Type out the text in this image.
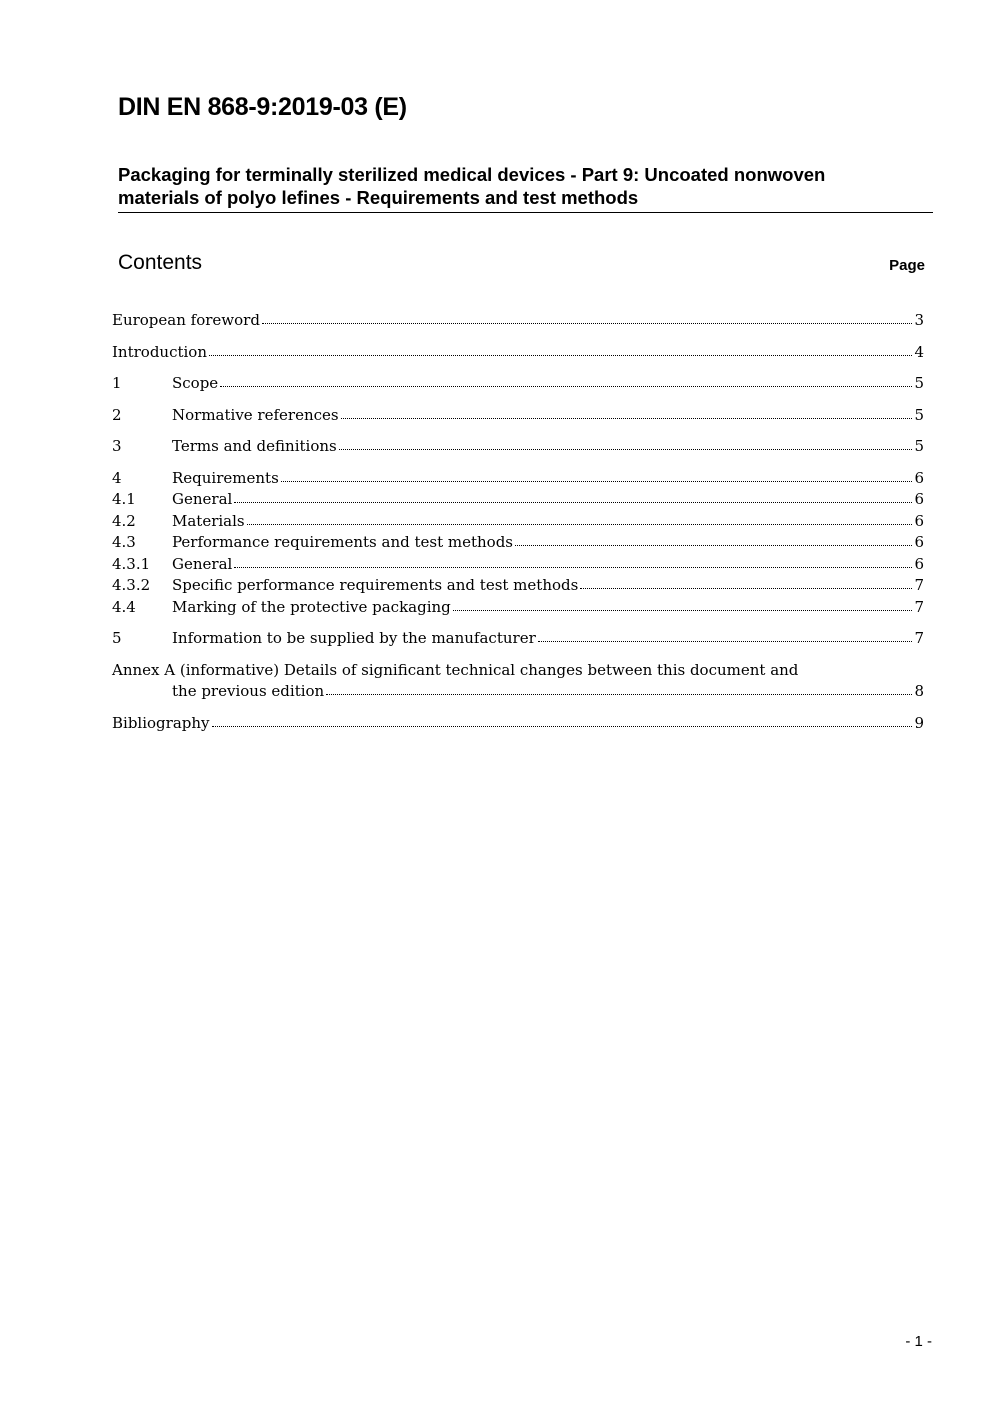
DIN EN 868-9:2019-03 (E)
Packaging for terminally sterilized medical devices - Part 9: Uncoated nonwoven
materials of polyo lefines - Requirements and test methods
Contents	Page
European foreword	3
Introduction	4
1	Scope	5
2	Normative references	5
3	Terms and definitions	5
4	Requirements	6
4.1	General	6
4.2	Materials	6
4.3	Performance requirements and test methods	6
4.3.1	General	6
4.3.2	Specific performance requirements and test methods	7
4.4	Marking of the protective packaging	7
5	Information to be supplied by the manufacturer	7
Annex A (informative) Details of significant technical changes between this document and
the previous edition	8
Bibliography	9
- 1 -
